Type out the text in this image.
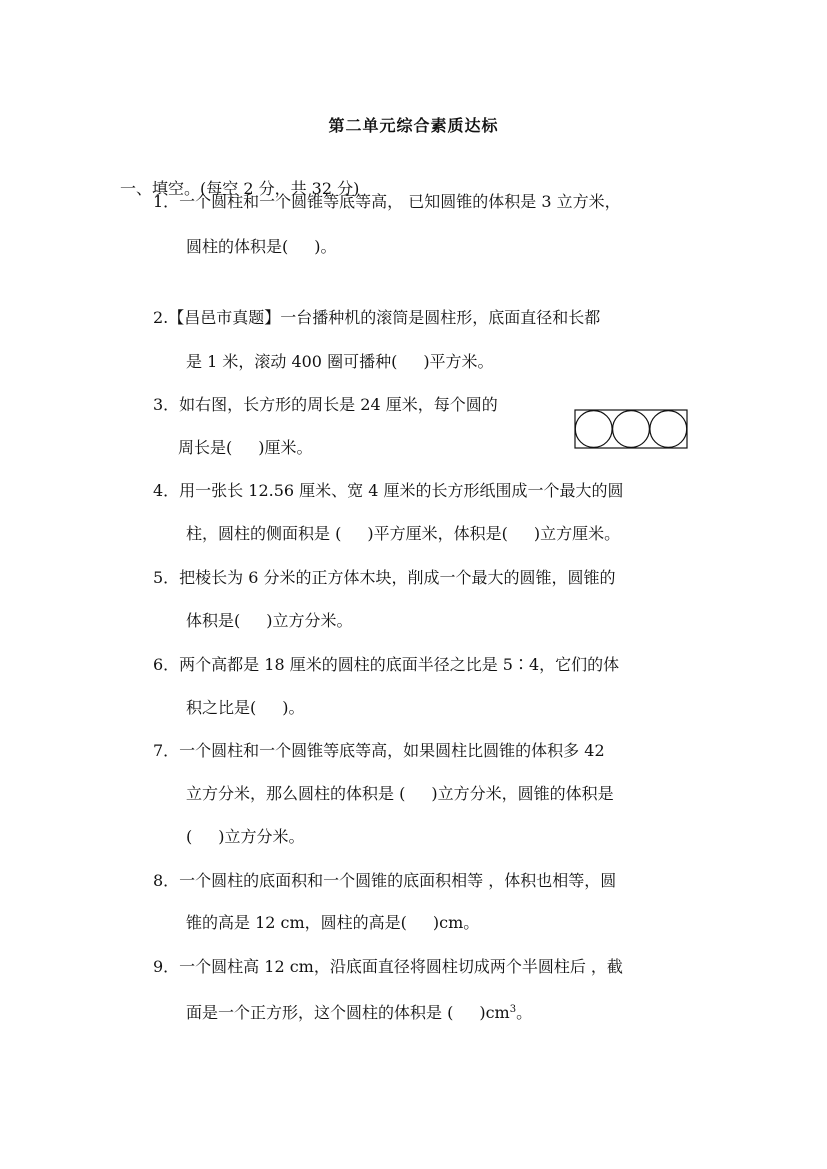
第二单元综合素质达标
一、填空。(每空 2 分，共 32 分)
1．一个圆柱和一个圆锥等底等高， 已知圆锥的体积是 3 立方米，
圆柱的体积是( )。
2.【昌邑市真题】一台播种机的滚筒是圆柱形，底面直径和长都
是 1 米，滚动 400 圈可播种( )平方米。
3．如右图，长方形的周长是 24 厘米，每个圆的
周长是( )厘米。
4．用一张长 12.56 厘米、宽 4 厘米的长方形纸围成一个最大的圆
柱，圆柱的侧面积是 ( )平方厘米，体积是( )立方厘米。
5．把棱长为 6 分米的正方体木块，削成一个最大的圆锥，圆锥的
体积是( )立方分米。
6．两个高都是 18 厘米的圆柱的底面半径之比是 5∶4，它们的体
积之比是( )。
7．一个圆柱和一个圆锥等底等高，如果圆柱比圆锥的体积多 42
立方分米，那么圆柱的体积是 ( )立方分米，圆锥的体积是
( )立方分米。
8．一个圆柱的底面积和一个圆锥的底面积相等 ，体积也相等，圆
锥的高是 12 cm，圆柱的高是( )cm。
9．一个圆柱高 12 cm，沿底面直径将圆柱切成两个半圆柱后 ，截
面是一个正方形，这个圆柱的体积是 ( )$cm^3$。
